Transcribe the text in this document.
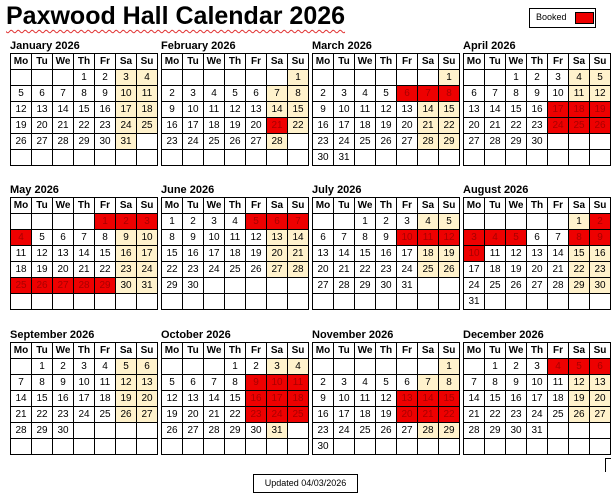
Paxwood Hall Calendar 2026	Booked
January 2026
Mo	Tu	We	Th	Fr	Sa	Su
			1	2	3	4
5	6	7	8	9	10	11
12	13	14	15	16	17	18
19	20	21	22	23	24	25
26	27	28	29	30	31	

February 2026
Mo	Tu	We	Th	Fr	Sa	Su
						1
2	3	4	5	6	7	8
9	10	11	12	13	14	15
16	17	18	19	20	21	22
23	24	25	26	27	28	

March 2026
Mo	Tu	We	Th	Fr	Sa	Su
						1
2	3	4	5	6	7	8
9	10	11	12	13	14	15
16	17	18	19	20	21	22
23	24	25	26	27	28	29
30	31					
April 2026
Mo	Tu	We	Th	Fr	Sa	Su
		1	2	3	4	5
6	7	8	9	10	11	12
13	14	15	16	17	18	19
20	21	22	23	24	25	26
27	28	29	30			

May 2026
Mo	Tu	We	Th	Fr	Sa	Su
				1	2	3
4	5	6	7	8	9	10
11	12	13	14	15	16	17
18	19	20	21	22	23	24
25	26	27	28	29	30	31

June 2026
Mo	Tu	We	Th	Fr	Sa	Su
1	2	3	4	5	6	7
8	9	10	11	12	13	14
15	16	17	18	19	20	21
22	23	24	25	26	27	28
29	30					

July 2026
Mo	Tu	We	Th	Fr	Sa	Su
		1	2	3	4	5
6	7	8	9	10	11	12
13	14	15	16	17	18	19
20	21	22	23	24	25	26
27	28	29	30	31		

August 2026
Mo	Tu	We	Th	Fr	Sa	Su
					1	2
3	4	5	6	7	8	9
10	11	12	13	14	15	16
17	18	19	20	21	22	23
24	25	26	27	28	29	30
31						
September 2026
Mo	Tu	We	Th	Fr	Sa	Su
	1	2	3	4	5	6
7	8	9	10	11	12	13
14	15	16	17	18	19	20
21	22	23	24	25	26	27
28	29	30				

October 2026
Mo	Tu	We	Th	Fr	Sa	Su
			1	2	3	4
5	6	7	8	9	10	11
12	13	14	15	16	17	18
19	20	21	22	23	24	25
26	27	28	29	30	31	

November 2026
Mo	Tu	We	Th	Fr	Sa	Su
						1
2	3	4	5	6	7	8
9	10	11	12	13	14	15
16	17	18	19	20	21	22
23	24	25	26	27	28	29
30						
December 2026
Mo	Tu	We	Th	Fr	Sa	Su
	1	2	3	4	5	6
7	8	9	10	11	12	13
14	15	16	17	18	19	20
21	22	23	24	25	26	27
28	29	30	31			

Updated 04/03/2026
